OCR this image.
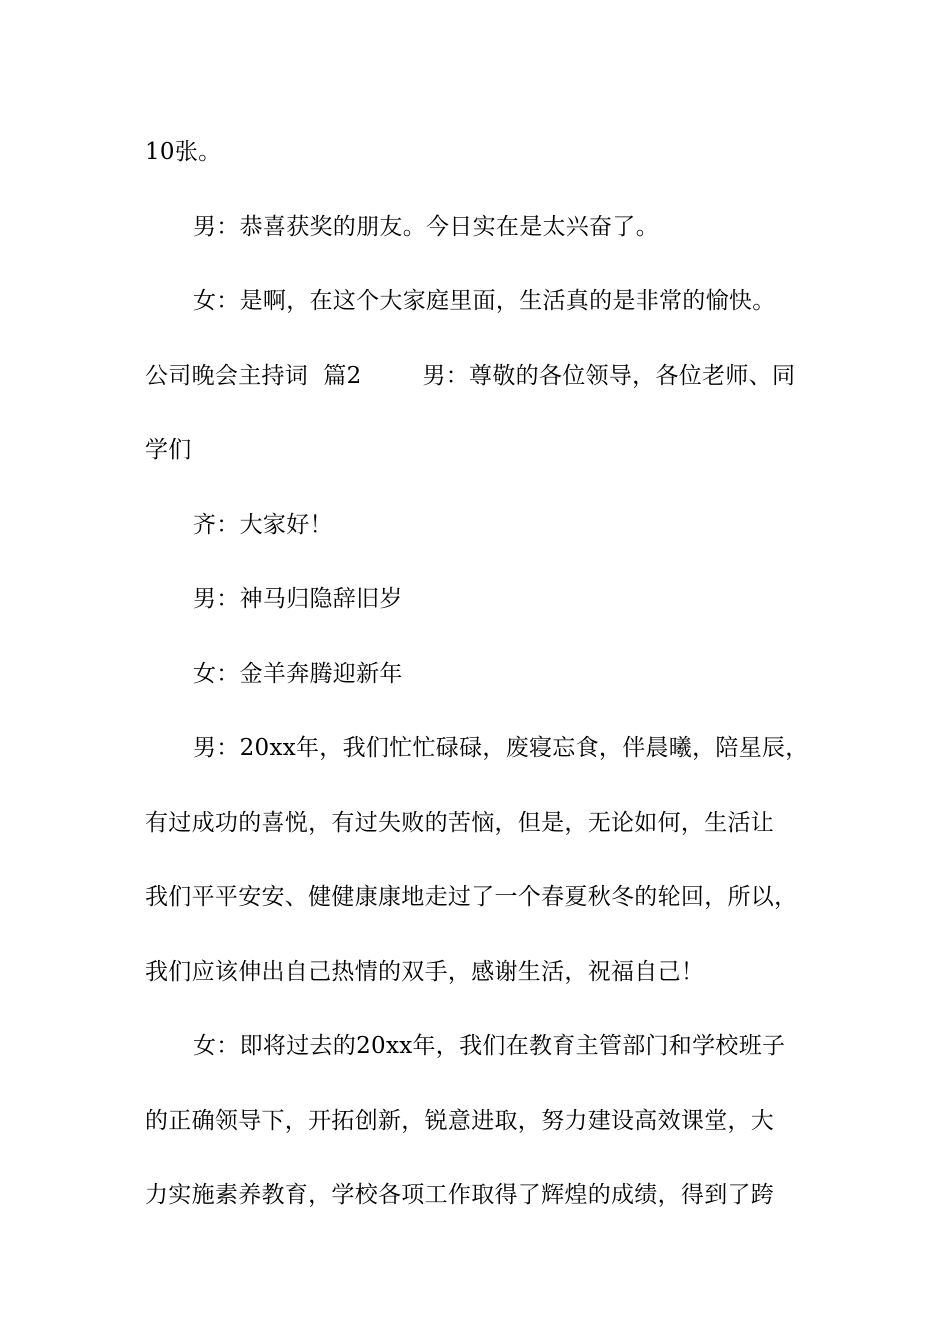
10张。
男：恭喜获奖的朋友。今日实在是太兴奋了。
女：是啊，在这个大家庭里面，生活真的是非常的愉快。
公司晚会主持词  篇2        男：尊敬的各位领导，各位老师、同
学们
齐：大家好！
男：神马归隐辞旧岁
女：金羊奔腾迎新年
男：20xx年，我们忙忙碌碌，废寝忘食，伴晨曦，陪星辰，
有过成功的喜悦，有过失败的苦恼，但是，无论如何，生活让
我们平平安安、健健康康地走过了一个春夏秋冬的轮回，所以，
我们应该伸出自己热情的双手，感谢生活，祝福自己！
女：即将过去的20xx年，我们在教育主管部门和学校班子
的正确领导下，开拓创新，锐意进取，努力建设高效课堂，大
力实施素养教育，学校各项工作取得了辉煌的成绩，得到了跨
